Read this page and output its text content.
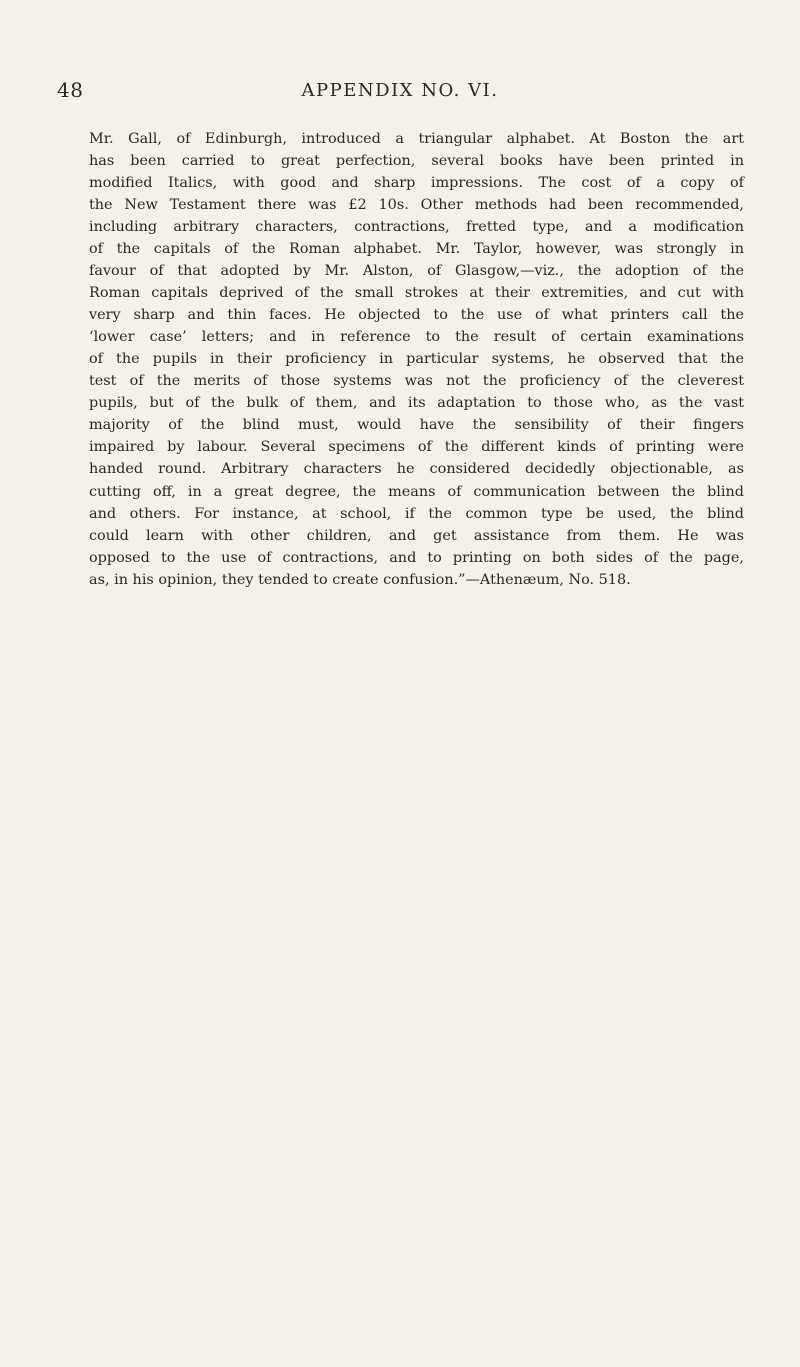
48	APPENDIX NO. VI.
Mr. Gall, of Edinburgh, introduced a triangular alphabet. At Boston the art
has been carried to great perfection, several books have been printed in
modified Italics, with good and sharp impressions. The cost of a copy of
the New Testament there was £2 10s. Other methods had been recommended,
including arbitrary characters, contractions, fretted type, and a modification
of the capitals of the Roman alphabet. Mr. Taylor, however, was strongly in
favour of that adopted by Mr. Alston, of Glasgow,—viz., the adoption of the
Roman capitals deprived of the small strokes at their extremities, and cut with
very sharp and thin faces. He objected to the use of what printers call the
‘lower case’ letters; and in reference to the result of certain examinations
of the pupils in their proficiency in particular systems, he observed that the
test of the merits of those systems was not the proficiency of the cleverest
pupils, but of the bulk of them, and its adaptation to those who, as the vast
majority of the blind must, would have the sensibility of their fingers
impaired by labour. Several specimens of the different kinds of printing were
handed round. Arbitrary characters he considered decidedly objectionable, as
cutting off, in a great degree, the means of communication between the blind
and others. For instance, at school, if the common type be used, the blind
could learn with other children, and get assistance from them. He was
opposed to the use of contractions, and to printing on both sides of the page,
as, in his opinion, they tended to create confusion.”—Athenæum, No. 518.
